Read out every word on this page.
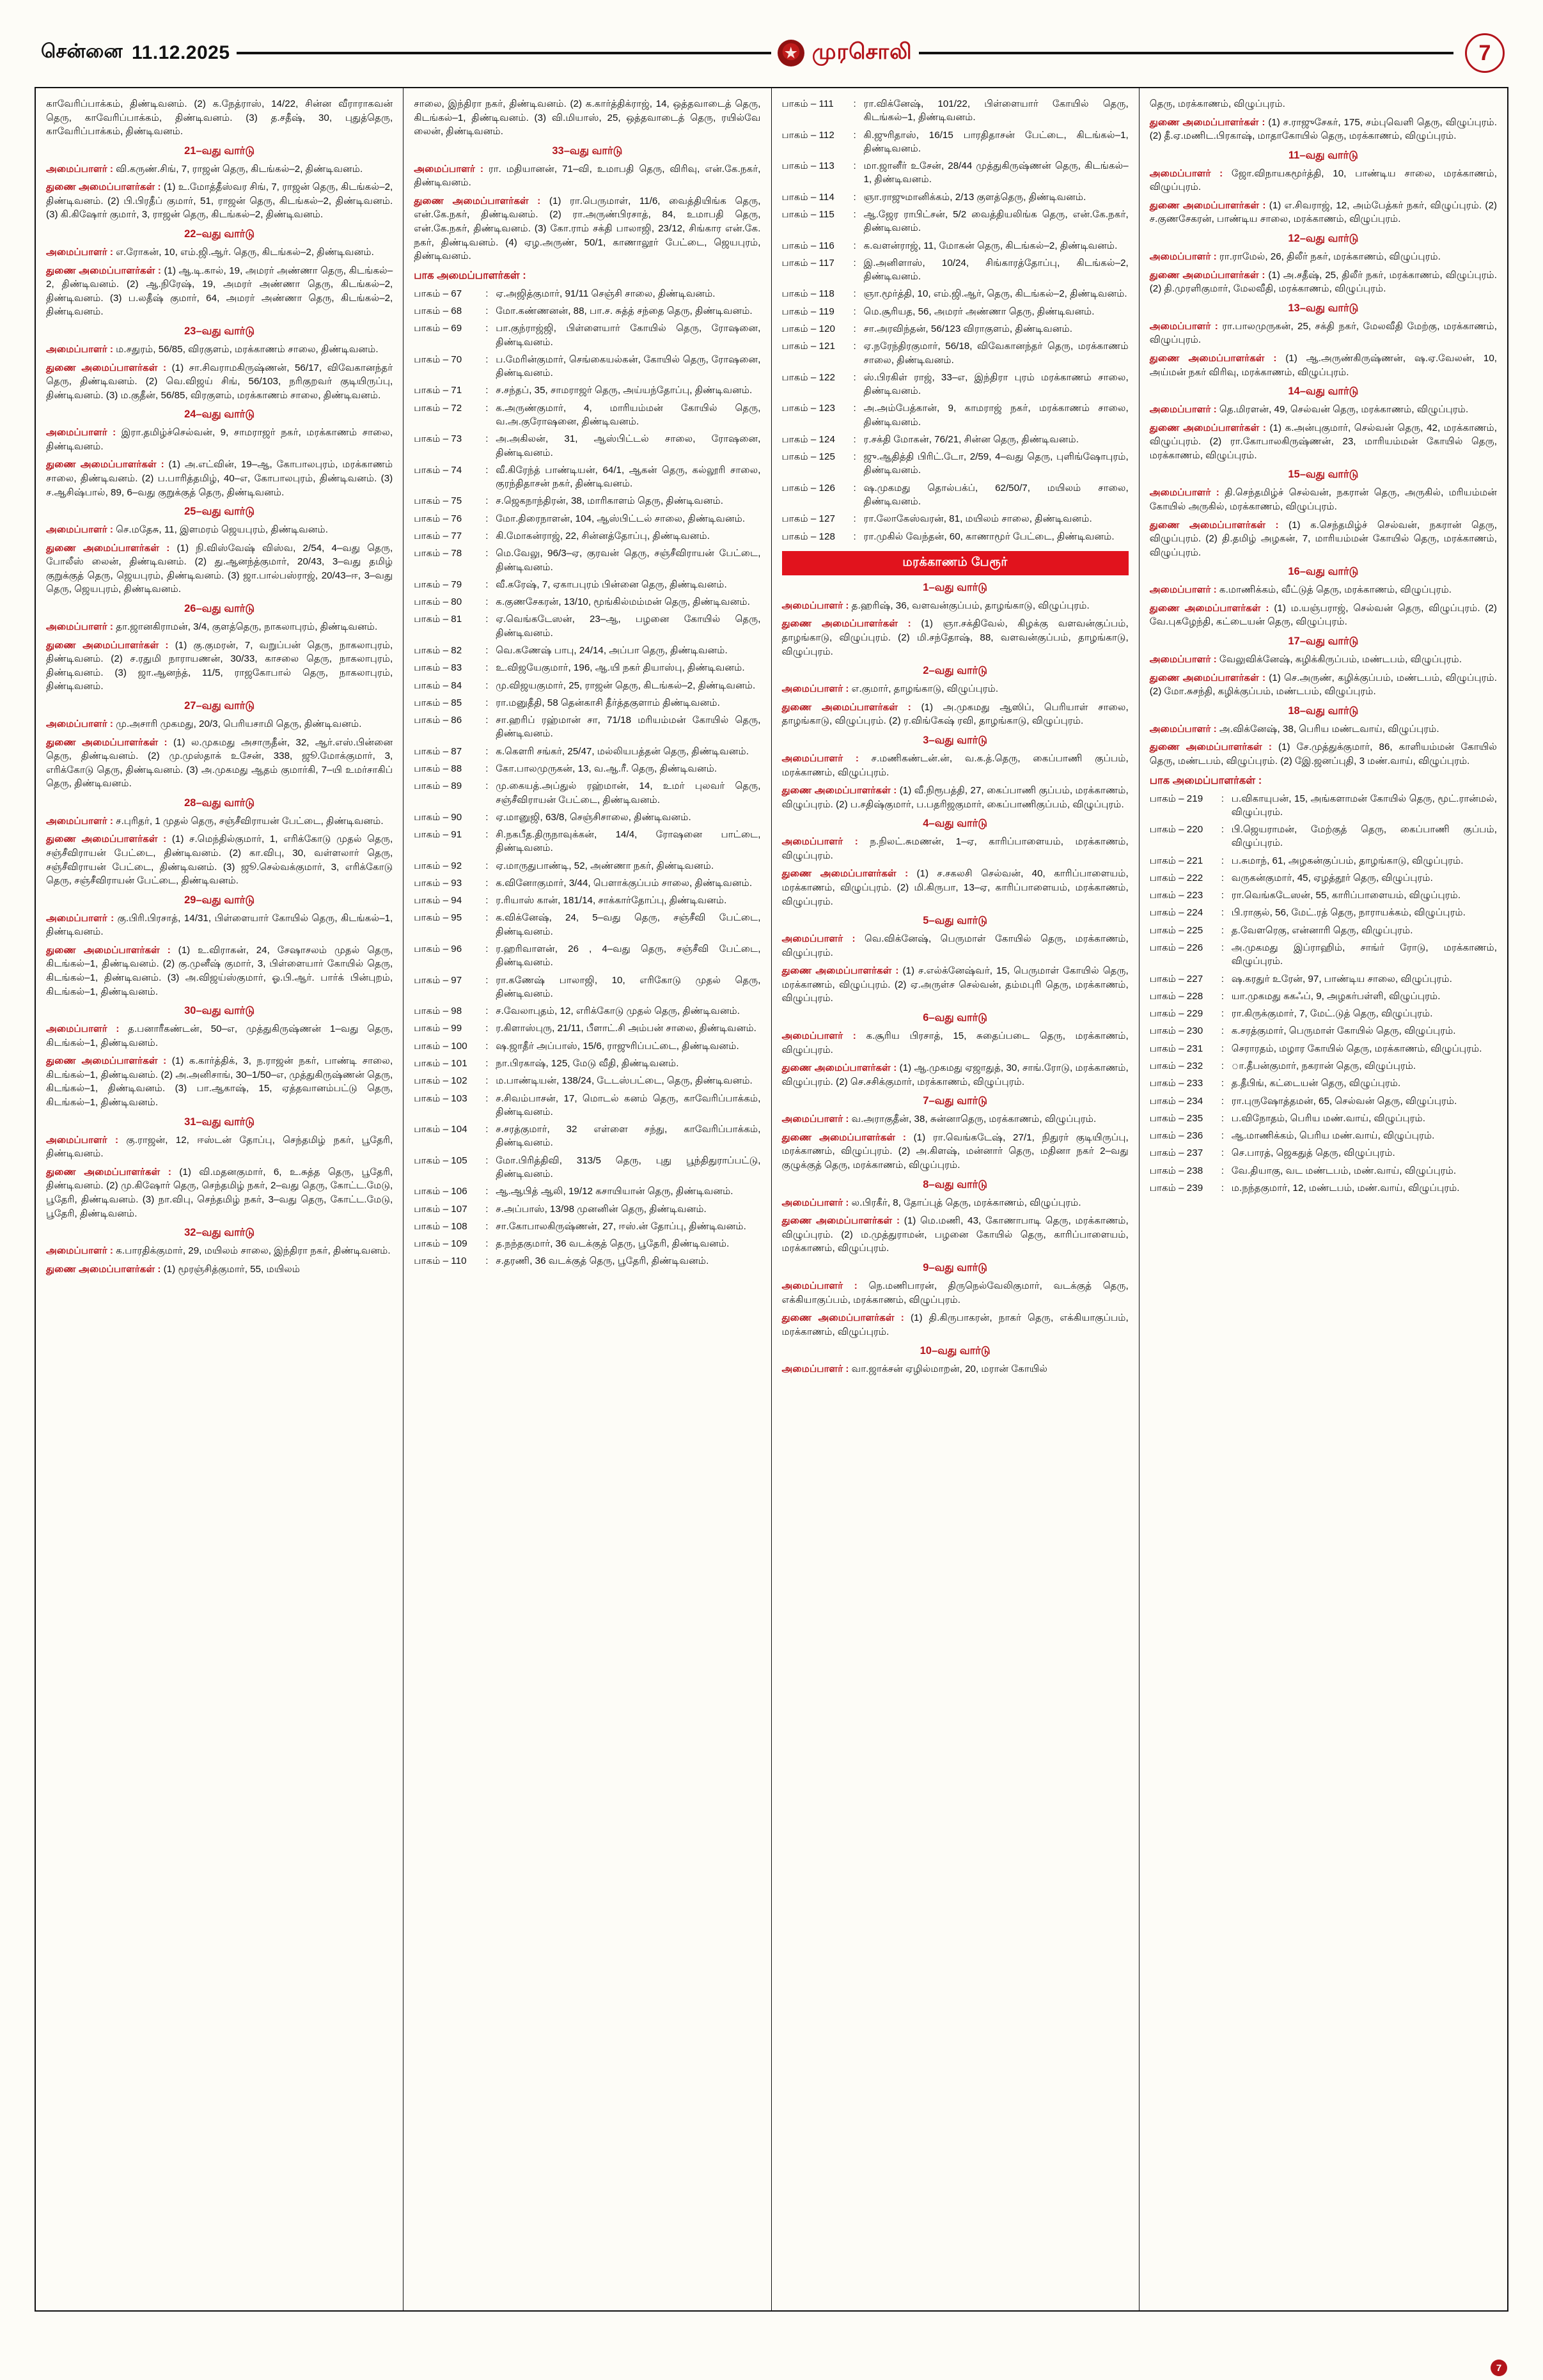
சென்னை 11.12.2025	முரசொலி	7

காவேரிப்பாக்கம், திண்டிவனம். (2) க.நேத்ராஸ், 14/22, சின்ன வீராராகவன் தெரு, காவேரிப்பாக்கம், திண்டிவனம். (3) த.சதீஷ், 30, புதுத்தெரு, காவேரிப்பாக்கம், திண்டிவனம்.

21–வது வார்டு

அமைப்பாளர் : வி.கருண்.சிங், 7, ராஜன் தெரு, கிடங்கல்–2, திண்டிவனம்.

துணை அமைப்பாளர்கள் : (1) உ.மோத்தீஸ்வர சிங், 7, ராஜன் தெரு, கிடங்கல்–2, திண்டிவனம். (2) பி.பிரதீப் குமார், 51, ராஜன் தெரு, கிடங்கல்–2, திண்டிவனம். (3) கி.கிஷோர் குமார், 3, ராஜன் தெரு, கிடங்கல்–2, திண்டிவனம்.

22–வது வார்டு

அமைப்பாளர் : எ.ரோகன், 10, எம்.ஜி.ஆர். தெரு, கிடங்கல்–2, திண்டிவனம்.

துணை அமைப்பாளர்கள் : (1) ஆ.டி.கால், 19, அமரர் அண்ணா தெரு, கிடங்கல்–2, திண்டிவனம். (2) ஆ.நிரேஷ், 19, அமரர் அண்ணா தெரு, கிடங்கல்–2, திண்டிவனம். (3) ப.லதீஷ் குமார், 64, அமரர் அண்ணா தெரு, கிடங்கல்–2, திண்டிவனம்.

23–வது வார்டு

அமைப்பாளர் : ம.சதுரம், 56/85, விரகுளம், மரக்காணம் சாலை, திண்டிவனம்.

துணை அமைப்பாளர்கள் : (1) சா.சிவராமகிருஷ்ணன், 56/17, விவேகானந்தர் தெரு, திண்டிவனம். (2) வெ.விஜய் சிங், 56/103, நரிகுறவர் குடியிருப்பு, திண்டிவனம். (3) ம.குதீன், 56/85, விரகுளம், மரக்காணம் சாலை, திண்டிவனம்.

24–வது வார்டு

அமைப்பாளர் : இரா.தமிழ்ச்செல்வன், 9, சாமராஜர் நகர், மரக்காணம் சாலை, திண்டிவனம்.

துணை அமைப்பாளர்கள் : (1) அ.எட்வின், 19–ஆ, கோபாலபுரம், மரக்காணம் சாலை, திண்டிவனம். (2) ப.பாரித்தமிழ், 40–எ, கோபாலபுரம், திண்டிவனம். (3) ச.ஆசிஷ்பால், 89, 6–வது குறுக்குத் தெரு, திண்டிவனம்.

25–வது வார்டு

அமைப்பாளர் : செ.மதேசு, 11, இளமரம் ஜெயபுரம், திண்டிவனம்.

துணை அமைப்பாளர்கள் : (1) நி.விஸ்வேஷ் விஸ்வ, 2/54, 4–வது தெரு, போலீஸ் லைன், திண்டிவனம். (2) து.ஆனந்த்குமார், 20/43, 3–வது தமிழ் குறுக்குத் தெரு, ஜெயபுரம், திண்டிவனம். (3) ஜா.பால்பஸ்ராஜ், 20/43–ஈ, 3–வது தெரு, ஜெயபுரம், திண்டிவனம்.

26–வது வார்டு

அமைப்பாளர் : தா.ஜானகிராமன், 3/4, குளத்தெரு, நாகலாபுரம், திண்டிவனம்.

துணை அமைப்பாளர்கள் : (1) கு.குமரன், 7, வறுப்பன் தெரு, நாகலாபுரம், திண்டிவனம். (2) ச.ரதுமி நாராயணன், 30/33, காசலை தெரு, நாகலாபுரம், திண்டிவனம். (3) ஜா.ஆனந்த், 11/5, ராஜகோபால் தெரு, நாகலாபுரம், திண்டிவனம்.

27–வது வார்டு

அமைப்பாளர் : மு.அசாரி முகமது, 20/3, பெரியசாமி தெரு, திண்டிவனம்.

துணை அமைப்பாளர்கள் : (1) ல.முகமது அசாருதீன், 32, ஆர்.எஸ்.பின்னை தெரு, திண்டிவனம். (2) மு.முஸ்தாக் உசேன், 338, ஜூ.மோக்குமார், 3, எரிக்கோடு தெரு, திண்டிவனம். (3) அ.முகமது ஆதம் குமார்கி, 7–யி உமர்சாகிப் தெரு, திண்டிவனம்.

28–வது வார்டு

அமைப்பாளர் : ச.புரிதர், 1 முதல் தெரு, சஞ்சீவிராயன் பேட்டை, திண்டிவனம்.

துணை அமைப்பாளர்கள் : (1) ச.மெந்தில்குமார், 1, எரிக்கோடு முதல் தெரு, சஞ்சீவிராயன் பேட்டை, திண்டிவனம். (2) கா.விபு, 30, வள்ளலார் தெரு, சஞ்சீவிராயன் பேட்டை, திண்டிவனம். (3) ஜூ.செல்வக்குமார், 3, எரிக்கோடு தெரு, சஞ்சீவிராயன் பேட்டை, திண்டிவனம்.

29–வது வார்டு

அமைப்பாளர் : கு.பிரி.பிரசாத், 14/31, பிள்ளையார் கோயில் தெரு, கிடங்கல்–1, திண்டிவனம்.

துணை அமைப்பாளர்கள் : (1) உ.விராகன், 24, சேஷாசலம் முதல் தெரு, கிடங்கல்–1, திண்டிவனம். (2) கு.முனீஷ் குமார், 3, பிள்ளையார் கோயில் தெரு, கிடங்கல்–1, திண்டிவனம். (3) அ.விஜய்ஸ்குமார், ஓ.பி.ஆர். பார்க் பின்புறம், கிடங்கல்–1, திண்டிவனம்.

30–வது வார்டு

அமைப்பாளர் : த.பனாரீகண்டன், 50–எ, முத்துகிருஷ்ணன் 1–வது தெரு, கிடங்கல்–1, திண்டிவனம்.

துணை அமைப்பாளர்கள் : (1) க.கார்த்திக், 3, ந.ராஜன் நகர், பாண்டி சாலை, கிடங்கல்–1, திண்டிவனம். (2) அ.அனிசாங், 30–1/50–எ, முத்துகிருஷ்ணன் தெரு, கிடங்கல்–1, திண்டிவனம். (3) பா.ஆகாஷ், 15, ஏத்தவானம்பட்டு தெரு, கிடங்கல்–1, திண்டிவனம்.

31–வது வார்டு

அமைப்பாளர் : கு.ராஜன், 12, ஈஸ்டன் தோப்பு, செந்தமிழ் நகர், பூதேரி, திண்டிவனம்.

துணை அமைப்பாளர்கள் : (1) வி.மதனகுமார், 6, உ.சுத்த தெரு, பூதேரி, திண்டிவனம். (2) மு.கிஷோர் தெரு, செந்தமிழ் நகர், 2–வது தெரு, கோட்ட.மேடு, பூதேரி, திண்டிவனம். (3) நா.விபு, செந்தமிழ் நகர், 3–வது தெரு, கோட்ட.மேடு, பூதேரி, திண்டிவனம்.

32–வது வார்டு

அமைப்பாளர் : க.பாரதிக்குமார், 29, மயிலம் சாலை, இந்திரா நகர், திண்டிவனம்.

துணை அமைப்பாளர்கள் : (1) மூரஞ்சித்குமார், 55, மயிலம்

சாலை, இந்திரா நகர், திண்டிவனம். (2) க.கார்த்திக்ராஜ், 14, ஒத்தவாடைத் தெரு, கிடங்கல்–1, திண்டிவனம். (3) வி.மியாஸ், 25, ஒத்தவாடைத் தெரு, ரயில்வே லைன், திண்டிவனம்.

33–வது வார்டு

அமைப்பாளர் : ரா. மதியானன், 71–வி, உமாபதி தெரு, விரிவு, என்.கே.நகர், திண்டிவனம்.

துணை அமைப்பாளர்கள் : (1) ரா.பெருமாள், 11/6, வைத்தியிங்க தெரு, என்.கே.நகர், திண்டிவனம். (2) ரா.அருண்பிரசாத், 84, உமாபதி தெரு, என்.கே.நகர், திண்டிவனம். (3) கோ.ராம் சக்தி பாலாஜி, 23/12, சிங்கார என்.கே. நகர், திண்டிவனம். (4) ஏழ.அருண், 50/1, காணாலூர் பேட்டை, ஜெயபுரம், திண்டிவனம்.

பாக அமைப்பாளர்கள் :
பாகம் – 67	: ஏ.அஜித்குமார், 91/11 செஞ்சி சாலை, திண்டிவனம்.
பாகம் – 68	: மோ.கண்ணனன், 88, பா.ச. சுத்த் சந்தை தெரு, திண்டிவனம்.
பாகம் – 69	: பா.குந்ராஜ்ஜி, பிள்ளையார் கோயில் தெரு, ரோஷனை, திண்டிவனம்.
பாகம் – 70	: ப.மேரின்குமார், செங்கையல்கன், கோயில் தெரு, ரோஷனை, திண்டிவனம்.
பாகம் – 71	: ச.சந்தப், 35, சாமராஜர் தெரு, அய்யந்தோப்பு, திண்டிவனம்.
பாகம் – 72	: க.அருண்குமார், 4, மாரியம்மன் கோயில் தெரு, வ.அ.குரோஷனை, திண்டிவனம்.
பாகம் – 73	: அ.அகிலன், 31, ஆஸ்பிட்டல் சாலை, ரோஷனை, திண்டிவனம்.
பாகம் – 74	: வீ.கிரேந்த் பாண்டியன், 64/1, ஆகன் தெரு, கல்லூரி சாலை, குரந்திதாசன் நகர், திண்டிவனம்.
பாகம் – 75	: ச.ஜெகநாந்திரன், 38, மாரிகாளம் தெரு, திண்டிவனம்.
பாகம் – 76	: மோ.திரைநாளன், 104, ஆஸ்பிட்டல் சாலை, திண்டிவனம்.
பாகம் – 77	: கி.மோகன்ராஜ், 22, சின்னத்தோப்பு, திண்டிவனம்.
பாகம் – 78	: மெ.வேலு, 96/3–ஏ, குரவன் தெரு, சஞ்சீவிராயன் பேட்டை, திண்டிவனம்.
பாகம் – 79	: வீ.கரேஷ், 7, ஏகாபபுரம் பின்னை தெரு, திண்டிவனம்.
பாகம் – 80	: க.குணசேகரன், 13/10, மூங்கில்மம்மன் தெரு, திண்டிவனம்.
பாகம் – 81	: ஏ.வெங்கடேஸன், 23–ஆ, பழனை கோயில் தெரு, திண்டிவனம்.
பாகம் – 82	: வெ.கணேஷ் பாபு, 24/14, அப்பா தெரு, திண்டிவனம்.
பாகம் – 83	: உ.விஜயேகுமார், 196, ஆ.யி நகர் தியாஸ்பு, திண்டிவனம்.
பாகம் – 84	: மு.விஜயகுமார், 25, ராஜன் தெரு, கிடங்கல்–2, திண்டிவனம்.
பாகம் – 85	: ரா.மனுதீதி, 58 தென்காசி தீர்த்தகுளாம் திண்டிவனம்.
பாகம் – 86	: சா.ஹரிப் ரஹ்மான் சா, 71/18 மரியம்மன் கோயில் தெரு, திண்டிவனம்.
பாகம் – 87	: க.கௌரி சங்கர், 25/47, மல்லியபத்தன் தெரு, திண்டிவனம்.
பாகம் – 88	: கோ.பாலமுருகன், 13, வ.ஆ.ரீ. தெரு, திண்டிவனம்.
பாகம் – 89	: மு.கையத்.அப்துல் ரஹ்மான், 14, உமர் புலவர் தெரு, சஞ்சீவிராயன் பேட்டை, திண்டிவனம்.
பாகம் – 90	: ஏ.மானுஜி, 63/8, செஞ்சிசாலை, திண்டிவனம்.
பாகம் – 91	: சி.நகபீத.திருநாவுக்கன், 14/4, ரோஷனை பாட்டை, திண்டிவனம்.
பாகம் – 92	: ஏ.மாருதுபாண்டி, 52, அண்ணா நகர், திண்டிவனம்.
பாகம் – 93	: க.வினோகுமார், 3/44, பெளாக்குப்பம் சாலை, திண்டிவனம்.
பாகம் – 94	: ர.ரியாஸ் கான், 181/14, சாக்கார்தோப்பு, திண்டிவனம்.
பாகம் – 95	: க.விக்னேஷ், 24, 5–வது தெரு, சஞ்சீவி பேட்டை, திண்டிவனம்.
பாகம் – 96	: ர.ஹரிவாளன், 26 , 4–வது தெரு, சஞ்சீவி பேட்டை, திண்டிவனம்.
பாகம் – 97	: ரா.கணேஷ் பாலாஜி, 10, எரிகோடு முதல் தெரு, திண்டிவனம்.
பாகம் – 98	: ச.வேலாபுதம், 12, எரிக்கோடு முதல் தெரு, திண்டிவனம்.
பாகம் – 99	: ர.கிளாஸ்புரு, 21/11, பீளாட்.சி அம்பன் சாலை, திண்டிவனம்.
பாகம் – 100	: ஷ.ஜாதீர் அப்பாஸ், 15/6, ராஜுரிப்பட்டை, திண்டிவனம்.
பாகம் – 101	: நா.பிரகாஷ், 125, மேடு வீதி, திண்டிவனம்.
பாகம் – 102	: ம.பாண்டியன், 138/24, டேடஸ்பட்டை, தெரு, திண்டிவனம்.
பாகம் – 103	: ச.சிவம்பாசன், 17, மொடல் கனம் தெரு, காவேரிப்பாக்கம், திண்டிவனம்.
பாகம் – 104	: ச.சரத்குமார், 32 எள்ளை சந்து, காவேரிப்பாக்கம், திண்டிவனம்.
பாகம் – 105	: மோ.பிரித்திவி, 313/5 தெரு, புது பூந்திதுராப்பட்டு, திண்டிவனம்.
பாகம் – 106	: ஆ.ஆபித் ஆலி, 19/12 கசாயியான் தெரு, திண்டிவனம்.
பாகம் – 107	: ச.அப்பாஸ், 13/98 முனனின் தெரு, திண்டிவனம்.
பாகம் – 108	: சா.கோபாலகிருஷ்ணன், 27, ஈஸ்.ன் தோப்பு, திண்டிவனம்.
பாகம் – 109	: த.நந்தகுமார், 36 வடக்குத் தெரு, பூதேரி, திண்டிவனம்.
பாகம் – 110	: ச.தரணி, 36 வடக்குத் தெரு, பூதேரி, திண்டிவனம்.
பாகம் – 111	: ரா.விக்னேஷ், 101/22, பிள்ளையார் கோயில் தெரு, கிடங்கல்–1, திண்டிவனம்.
பாகம் – 112	: கி.ஜுரிதாஸ், 16/15 பாரதிதாசன் பேட்டை, கிடங்கல்–1, திண்டிவனம்.
பாகம் – 113	: மா.ஜானீர் உசேன், 28/44 முத்துகிருஷ்ணன் தெரு, கிடங்கல்–1, திண்டிவனம்.
பாகம் – 114	: ஞா.ராஜுமானிக்கம், 2/13 குளத்தெரு, திண்டிவனம்.
பாகம் – 115	: ஆ.ஜேர ராபிட்சன், 5/2 வைத்தியலிங்க தெரு, என்.கே.நகர், திண்டிவனம்.
பாகம் – 116	: க.வளன்ராஜ், 11, மோகன் தெரு, கிடங்கல்–2, திண்டிவனம்.
பாகம் – 117	: இ.அனிளாஸ், 10/24, சிங்காரத்தோப்பு, கிடங்கல்–2, திண்டிவனம்.
பாகம் – 118	: ஞா.மூர்த்தி, 10, எம்.ஜி.ஆர், தெரு, கிடங்கல்–2, திண்டிவனம்.
பாகம் – 119	: மெ.சூரியத, 56, அமரர் அண்ணா தெரு, திண்டிவனம்.
பாகம் – 120	: சா.அரவிந்தன், 56/123 விராகுளம், திண்டிவனம்.
பாகம் – 121	: ஏ.நரேந்திரகுமார், 56/18, விவேகானந்தர் தெரு, மரக்காணம் சாலை, திண்டிவனம்.
பாகம் – 122	: ஸ்.பிரகிள் ராஜ், 33–எ, இந்திரா புரம் மரக்காணம் சாலை, திண்டிவனம்.
பாகம் – 123	: அ.அம்பேத்கான், 9, காமராஜ் நகர், மரக்காணம் சாலை, திண்டிவனம்.
பாகம் – 124	: ர.சக்தி மோகன், 76/21, சின்ன தெரு, திண்டிவனம்.
பாகம் – 125	: ஜு.ஆதித்தி பிரிட்.டோ, 2/59, 4–வது தெரு, புளிங்ஷோபுரம், திண்டிவனம்.
பாகம் – 126	: ஷ.முகமது தொல்பக்ப், 62/50/7, மயிலம் சாலை, திண்டிவனம்.
பாகம் – 127	: ரா.லோகேஸ்வரன், 81, மயிலம் சாலை, திண்டிவனம்.
பாகம் – 128	: ரா.முகில் வேந்தன், 60, காணாமூர் பேட்டை, திண்டிவனம்.
மரக்காணம் பேரூர்
1–வது வார்டு

அமைப்பாளர் : த.ஹரிஷ், 36, வளவன்குப்பம், தாழங்காடு, விழுப்புரம்.

துணை அமைப்பாளர்கள் : (1) ஞா.சக்திவேல், கிழக்கு வளவன்குப்பம், தாழங்காடு, விழுப்புரம். (2) மி.சந்தோஷ், 88, வளவன்குப்பம், தாழங்காடு, விழுப்புரம்.

2–வது வார்டு

அமைப்பாளர் : எ.குமார், தாழங்காடு, விழுப்புரம்.

துணை அமைப்பாளர்கள் : (1) அ.முகமது ஆஸிப், பெரியாள் சாலை, தாழங்காடு, விழுப்புரம். (2) ர.விங்கேஷ் ரவி, தாழங்காடு, விழுப்புரம்.

3–வது வார்டு

அமைப்பாளர் : ச.மணிகண்டன்.ன், வ.க.த்.தெரு, கைப்பாணி குப்பம், மரக்காணம், விழுப்புரம்.

துணை அமைப்பாளர்கள் : (1) வீ.நிரூபத்தி, 27, கைப்பாணி குப்பம், மரக்காணம், விழுப்புரம். (2) ப.சதிஷ்குமார், ப.பதரிஜகுமார், கைப்பாணிகுப்பம், விழுப்புரம்.

4–வது வார்டு

அமைப்பாளர் : ந.நிலட்.சுமணன், 1–ஏ, காரிப்பாளையம், மரக்காணம், விழுப்புரம்.

துணை அமைப்பாளர்கள் : (1) ச.சகலசி செல்வன், 40, காரிப்பாளையம், மரக்காணம், விழுப்புரம். (2) மி.கிருபா, 13–ஏ, காரிப்பாளையம், மரக்காணம், விழுப்புரம்.

5–வது வார்டு

அமைப்பாளர் : வெ.விக்னேஷ், பெருமாள் கோயில் தெரு, மரக்காணம், விழுப்புரம்.

துணை அமைப்பாளர்கள் : (1) ச.எல்க்னேஷ்வர், 15, பெருமாள் கோயில் தெரு, மரக்காணம், விழுப்புரம். (2) ஏ.அருள்ச செல்வன், தம்மபுரி தெரு, மரக்காணம், விழுப்புரம்.

6–வது வார்டு

அமைப்பாளர் : க.சூரிய பிரசாத், 15, சுதைப்படை தெரு, மரக்காணம், விழுப்புரம்.

துணை அமைப்பாளர்கள் : (1) ஆ.முகமது ஏஜாதுத், 30, சாங்.ரோடு, மரக்காணம், விழுப்புரம். (2) செ.சசிக்குமார், மரக்காணம், விழுப்புரம்.

7–வது வார்டு

அமைப்பாளர் : வ.அராகுதீன், 38, சுன்னாதெரு, மரக்காணம், விழுப்புரம்.

துணை அமைப்பாளர்கள் : (1) ரா.வெங்கடேஷ், 27/1, நிதுரர் குடியிருப்பு, மரக்காணம், விழுப்புரம். (2) அ.கிளஷ், மன்னார் தெரு, மதினா நகர் 2–வது குழுக்குத் தெரு, மரக்காணம், விழுப்புரம்.

8–வது வார்டு

அமைப்பாளர் : ல.பிரகீர், 8, தோப்புத் தெரு, மரக்காணம், விழுப்புரம்.

துணை அமைப்பாளர்கள் : (1) மெ.மணி, 43, கோணாபாடி தெரு, மரக்காணம், விழுப்புரம். (2) ம.முத்துராமன், பழனை கோயில் தெரு, காரிப்பாளையம், மரக்காணம், விழுப்புரம்.

9–வது வார்டு

அமைப்பாளர் : நெ.மணிபாரன், திருநெல்வேலிகுமார், வடக்குத் தெரு, எக்கியாகுப்பம், மரக்காணம், விழுப்புரம்.

துணை அமைப்பாளர்கள் : (1) தி.கிருபாகரன், நாகர் தெரு, எக்கியாகுப்பம், மரக்காணம், விழுப்புரம்.

10–வது வார்டு

அமைப்பாளர் : வா.ஜாக்சன் ஏழில்மாறன், 20, மரான் கோயில்

தெரு, மரக்காணம், விழுப்புரம்.

துணை அமைப்பாளர்கள் : (1) ச.ராஜுசேகர், 175, சம்புவெளி தெரு, விழுப்புரம். (2) தீ.ஏ.மணிட.பிரகாஷ், மாதாகோயில் தெரு, மரக்காணம், விழுப்புரம்.

11–வது வார்டு

அமைப்பாளர் : ஜோ.விநாயகமூர்த்தி, 10, பாண்டிய சாலை, மரக்காணம், விழுப்புரம்.

துணை அமைப்பாளர்கள் : (1) எ.சிவராஜ், 12, அம்பேத்கர் நகர், விழுப்புரம். (2) ச.குணசேகரன், பாண்டிய சாலை, மரக்காணம், விழுப்புரம்.

12–வது வார்டு

அமைப்பாளர் : ரா.ராமேல், 26, திலீர் நகர், மரக்காணம், விழுப்புரம்.

துணை அமைப்பாளர்கள் : (1) அ.சதீஷ், 25, திலீர் நகர், மரக்காணம், விழுப்புரம். (2) தி.முரளிகுமார், மேலவீதி, மரக்காணம், விழுப்புரம்.

13–வது வார்டு

அமைப்பாளர் : ரா.பாலமுருகன், 25, சக்தி நகர், மேலவீதி மேற்கு, மரக்காணம், விழுப்புரம்.

துணை அமைப்பாளர்கள் : (1) ஆ.அருண்கிருஷ்ணன், ஷ.ஏ.வேலன், 10, அய்மன் நகர் விரிவு, மரக்காணம், விழுப்புரம்.

14–வது வார்டு

அமைப்பாளர் : தெ.மிரளன், 49, செல்வன் தெரு, மரக்காணம், விழுப்புரம்.

துணை அமைப்பாளர்கள் : (1) க.அன்புகுமார், செல்வன் தெரு, 42, மரக்காணம், விழுப்புரம். (2) ரா.கோபாலகிருஷ்ணன், 23, மாரியம்மன் கோயில் தெரு, மரக்காணம், விழுப்புரம்.

15–வது வார்டு

அமைப்பாளர் : தி.செந்தமிழ்ச் செல்வன், நகரான் தெரு, அருகில், மரியம்மன் கோயில் அருகில், மரக்காணம், விழுப்புரம்.

துணை அமைப்பாளர்கள் : (1) க.செந்தமிழ்ச் செல்வன், நகரான் தெரு, விழுப்புரம். (2) தி.தமிழ் அழகன், 7, மாரியம்மன் கோயில் தெரு, மரக்காணம், விழுப்புரம்.

16–வது வார்டு

அமைப்பாளர் : க.மாணிக்கம், வீட்டுத் தெரு, மரக்காணம், விழுப்புரம்.

துணை அமைப்பாளர்கள் : (1) ம.யஞ்பராஜ், செல்வன் தெரு, விழுப்புரம். (2) வே.புகழேந்தி, கட்டையன் தெரு, விழுப்புரம்.

17–வது வார்டு

அமைப்பாளர் : வேலுவிக்னேஷ், கழிக்கிருப்பம், மண்டபம், விழுப்புரம்.

துணை அமைப்பாளர்கள் : (1) செ.அருண், கழிக்குப்பம், மண்டபம், விழுப்புரம். (2) மோ.சுசந்தி, கழிக்குப்பம், மண்டபம், விழுப்புரம்.

18–வது வார்டு

அமைப்பாளர் : அ.விக்னேஷ், 38, பெரிய மண்டவாய், விழுப்புரம்.

துணை அமைப்பாளர்கள் : (1) சே.முத்துக்குமார், 86, காளியம்மன் கோயில் தெரு, மண்டபம், விழுப்புரம். (2) இே.ஜனப்புதி, 3 மண்.வாய், விழுப்புரம்.

பாக அமைப்பாளர்கள் :
பாகம் – 219	: ப.விகாயுபன், 15, அங்களாமன் கோயில் தெரு, மூட்.ரான்மல், விழுப்புரம்.
பாகம் – 220	: பி.ஜெயராமன், மேற்குத் தெரு, கைப்பாணி குப்பம், விழுப்புரம்.
பாகம் – 221	: ப.சுமாந், 61, அழகன்குப்பம், தாழங்காடு, விழுப்புரம்.
பாகம் – 222	: வருகன்குமார், 45, ஏழத்தூர் தெரு, விழுப்புரம்.
பாகம் – 223	: ரா.வெங்கடேஸன், 55, காரிப்பாளையம், விழுப்புரம்.
பாகம் – 224	: பி.ராகுல், 56, மேட்.ரத் தெரு, நாராயக்கம், விழுப்புரம்.
பாகம் – 225	: த.வேளரெகு, என்னாரி தெரு, விழுப்புரம்.
பாகம் – 226	: அ.முகமது இப்ராஹிம், சாங்ர் ரோடு, மரக்காணம், விழுப்புரம்.
பாகம் – 227	: ஷ.கரதுர் உரேன், 97, பாண்டிய சாலை, விழுப்புரம்.
பாகம் – 228	: யா.முகமது ககஃப், 9, அழகர்பள்ளி, விழுப்புரம்.
பாகம் – 229	: ரா.கிருக்குமார், 7, மேட்.டுத் தெரு, விழுப்புரம்.
பாகம் – 230	: க.சரத்குமார், பெருமாள் கோயில் தெரு, விழுப்புரம்.
பாகம் – 231	: செராரதம், மழார கோயில் தெரு, மரக்காணம், விழுப்புரம்.
பாகம் – 232	: ா.தீபன்குமார், நகரான் தெரு, விழுப்புரம்.
பாகம் – 233	: த.தீபிங், கட்டையன் தெரு, விழுப்புரம்.
பாகம் – 234	: ரா.புருஷோத்தமன், 65, செல்வன் தெரு, விழுப்புரம்.
பாகம் – 235	: ப.விநோதம், பெரிய மண்.வாய், விழுப்புரம்.
பாகம் – 236	: ஆ.மாணிக்கம், பெரிய மண்.வாய், விழுப்புரம்.
பாகம் – 237	: செ.பாரத், ஜெகதுத் தெரு, விழுப்புரம்.
பாகம் – 238	: வே.தியாகு, வட மண்டபம், மண்.வாய், விழுப்புரம்.
பாகம் – 239	: ம.நந்தகுமார், 12, மண்டபம், மண்.வாய், விழுப்புரம்.
7
